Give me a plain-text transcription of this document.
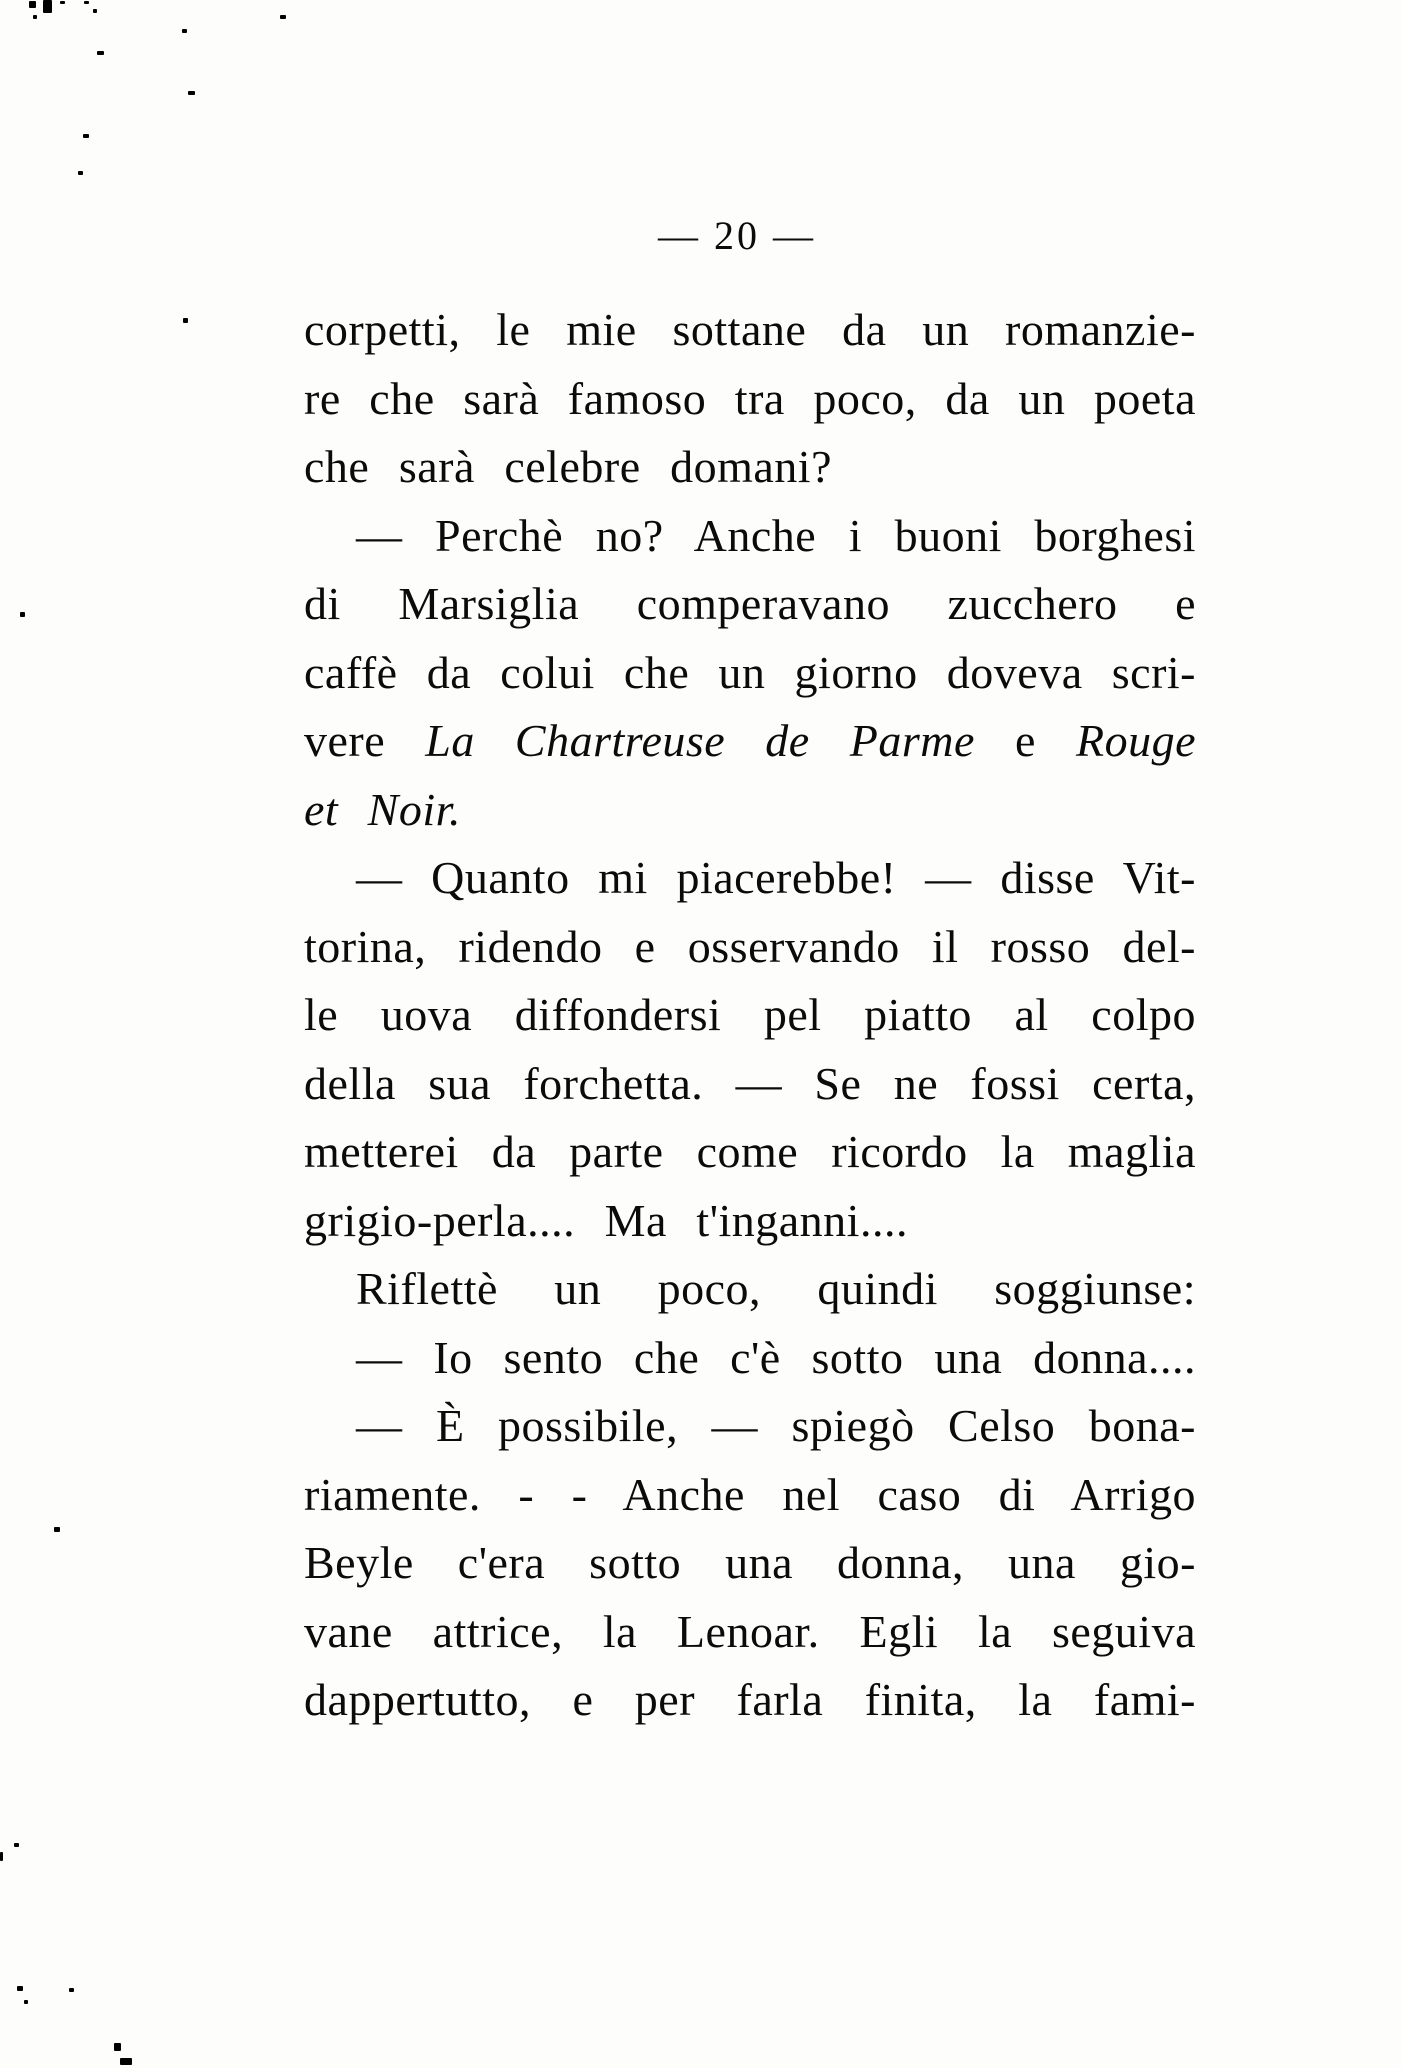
— 20 —
corpetti, le mie sottane da un romanzie-
re che sarà famoso tra poco, da un poeta
che sarà celebre domani?
— Perchè no? Anche i buoni borghesi
di Marsiglia comperavano zucchero e
caffè da colui che un giorno doveva scri-
vere La Chartreuse de Parme e Rouge
et Noir.
— Quanto mi piacerebbe! — disse Vit-
torina, ridendo e osservando il rosso del-
le uova diffondersi pel piatto al colpo
della sua forchetta. — Se ne fossi certa,
metterei da parte come ricordo la maglia
grigio-perla.... Ma t'inganni....
Riflettè un poco, quindi soggiunse:
— Io sento che c'è sotto una donna....
— È possibile, — spiegò Celso bona-
riamente. - - Anche nel caso di Arrigo
Beyle c'era sotto una donna, una gio-
vane attrice, la Lenoar. Egli la seguiva
dappertutto, e per farla finita, la fami-
